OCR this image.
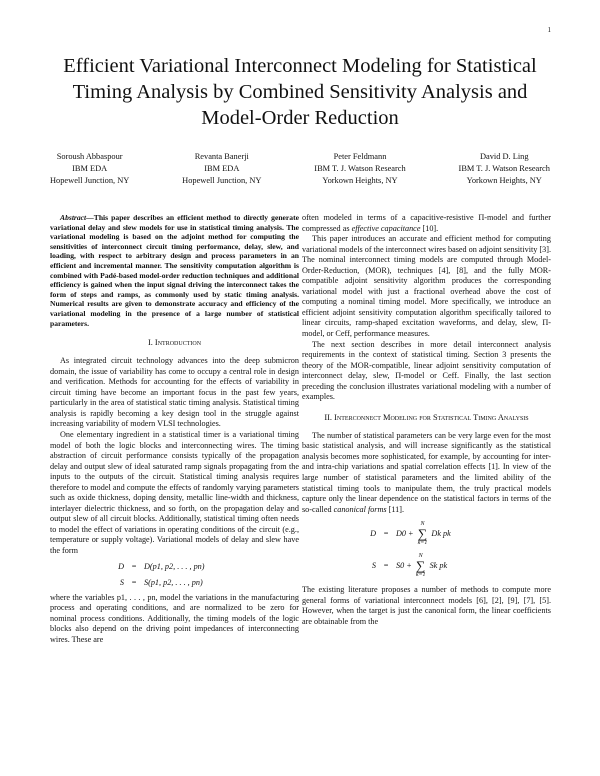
1
Efficient Variational Interconnect Modeling for Statistical Timing Analysis by Combined Sensitivity Analysis and Model-Order Reduction
Soroush Abbaspour
IBM EDA
Hopewell Junction, NY
Revanta Banerji
IBM EDA
Hopewell Junction, NY
Peter Feldmann
IBM T. J. Watson Research
Yorkown Heights, NY
David D. Ling
IBM T. J. Watson Research
Yorkown Heights, NY

Abstract—This paper describes an efficient method to directly generate variational delay and slew models for use in statistical timing analysis. The variational modeling is based on the adjoint method for computing the sensitivities of interconnect circuit timing performance, delay, slew, and loading, with respect to arbitrary design and process parameters in an efficient and incremental manner. The sensitivity computation algorithm is combined with Padé-based model-order reduction techniques and additional efficiency is gained when the input signal driving the interconnect takes the form of steps and ramps, as commonly used by static timing analysis. Numerical results are given to demonstrate accuracy and efficiency of the variational modeling in the presence of a large number of statistical parameters.

I. Introduction

As integrated circuit technology advances into the deep submicron domain, the issue of variability has come to occupy a central role in design and verification. Methods for accounting for the effects of variability in circuit timing have become an important focus in the past few years, particularly in the area of statistical static timing analysis. Statistical timing analysis is rapidly becoming a key design tool in the struggle against increasing variability of modern VLSI technologies.

One elementary ingredient in a statistical timer is a variational timing model of both the logic blocks and interconnecting wires. The timing abstraction of circuit performance consists typically of the propagation delay and output slew of ideal saturated ramp signals propagating from the inputs to the outputs of the circuit. Statistical timing analysis requires therefore to model and compute the effects of randomly varying parameters such as oxide thickness, doping density, metallic line-width and thickness, interlayer dielectric thickness, and so forth, on the propagation delay and output slew of all circuit blocks. Additionally, statistical timing often needs to model the effect of variations in operating conditions of the circuit (e.g., temperature or supply voltage). Variational models of delay and slew have the form

D = D(p1, p2, . . . , pn)
S = S(p1, p2, . . . , pn)

where the variables p1, . . . , pn, model the variations in the manufacturing process and operating conditions, and are normalized to be zero for nominal process conditions. Additionally, the timing models of the logic blocks also depend on the driving point impedances of interconnecting wires. These are

often modeled in terms of a capacitive-resistive Π-model and further compressed as effective capacitance [10].

This paper introduces an accurate and efficient method for computing variational models of the interconnect wires based on adjoint sensitivity [3]. The nominal interconnect timing models are computed through Model-Order-Reduction, (MOR), techniques [4], [8], and the fully MOR-compatible adjoint sensitivity algorithm produces the corresponding variational model with just a fractional overhead above the cost of computing a nominal timing model. More specifically, we introduce an efficient adjoint sensitivity computation algorithm specifically tailored to linear circuits, ramp-shaped excitation waveforms, and delay, slew, Π-model, or Ceff, performance measures.

The next section describes in more detail interconnect analysis requirements in the context of statistical timing. Section 3 presents the theory of the MOR-compatible, linear adjoint sensitivity computation of interconnect delay, slew, Π-model or Ceff. Finally, the last section preceding the conclusion illustrates variational modeling with a number of examples.

II. Interconnect Modeling for Statistical Timing Analysis

The number of statistical parameters can be very large even for the most basic statistical analysis, and will increase significantly as the statistical analysis becomes more sophisticated, for example, by accounting for inter- and intra-chip variations and spatial correlation effects [1]. In view of the large number of statistical parameters and the limited ability of the statistical timing tools to manipulate them, the truly practical models capture only the linear dependence on the statistical factors in terms of the so-called canonical forms [11].

D = D0 +
N
∑
k=1
Dk pk
S = S0 +
N
∑
k=1
Sk pk

The existing literature proposes a number of methods to compute more general forms of variational interconnect models [6], [2], [9], [7], [5]. However, when the target is just the canonical form, the linear coefficients are obtainable from the
